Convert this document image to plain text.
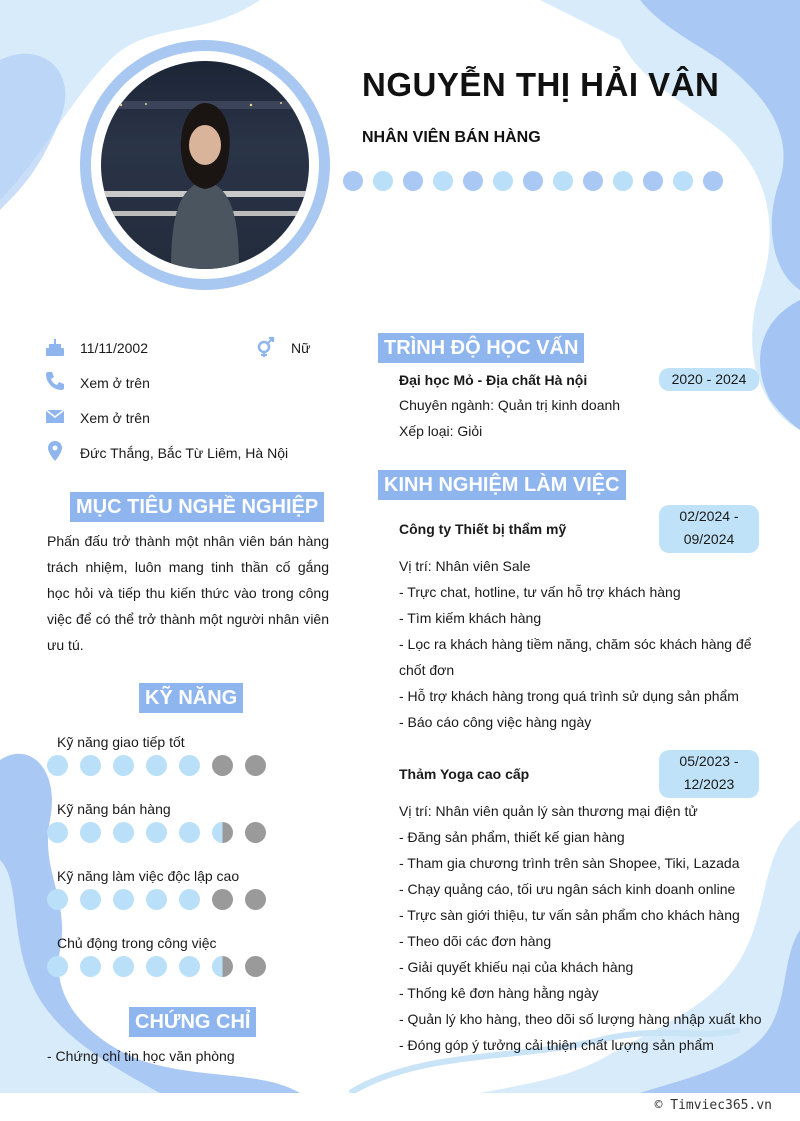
NGUYỄN THỊ HẢI VÂN
NHÂN VIÊN BÁN HÀNG
11/11/2002	Nữ
Xem ở trên
Xem ở trên
Đức Thắng, Bắc Từ Liêm, Hà Nội
MỤC TIÊU NGHỀ NGHIỆP
Phấn đấu trở thành một nhân viên bán hàng trách nhiệm, luôn mang tinh thần cố gắng học hỏi và tiếp thu kiến thức vào trong công việc để có thể trở thành một người nhân viên ưu tú.
KỸ NĂNG
Kỹ năng giao tiếp tốt
Kỹ năng bán hàng
Kỹ năng làm việc độc lập cao
Chủ động trong công việc
CHỨNG CHỈ
- Chứng chỉ tin học văn phòng
TRÌNH ĐỘ HỌC VẤN
Đại học Mỏ - Địa chất Hà nội	2020 - 2024
Chuyên ngành: Quản trị kinh doanh
Xếp loại: Giỏi
KINH NGHIỆM LÀM VIỆC
Công ty Thiết bị thẩm mỹ
02/2024 -
09/2024
Vị trí: Nhân viên Sale
- Trực chat, hotline, tư vấn hỗ trợ khách hàng
- Tìm kiếm khách hàng
- Lọc ra khách hàng tiềm năng, chăm sóc khách hàng để
chốt đơn
- Hỗ trợ khách hàng trong quá trình sử dụng sản phẩm
- Báo cáo công việc hàng ngày
Thảm Yoga cao cấp
05/2023 -
12/2023
Vị trí: Nhân viên quản lý sàn thương mại điện tử
- Đăng sản phẩm, thiết kế gian hàng
- Tham gia chương trình trên sàn Shopee, Tiki, Lazada
- Chạy quảng cáo, tối ưu ngân sách kinh doanh online
- Trực sàn giới thiệu, tư vấn sản phẩm cho khách hàng
- Theo dõi các đơn hàng
- Giải quyết khiếu nại của khách hàng
- Thống kê đơn hàng hằng ngày
- Quản lý kho hàng, theo dõi số lượng hàng nhập xuất kho
- Đóng góp ý tưởng cải thiện chất lượng sản phẩm
© Timviec365.vn
